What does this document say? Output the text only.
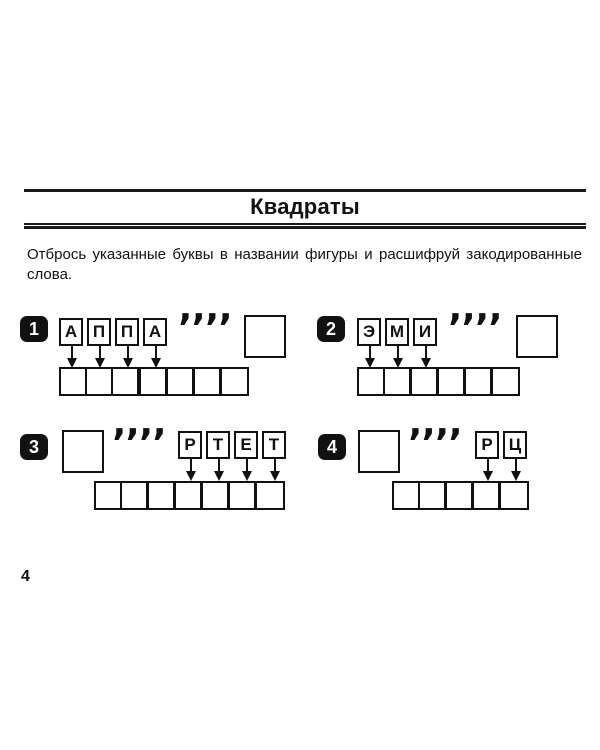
Квадраты
Отбрось указанные буквы в названии фигуры и расшифруй закодированные слова.
1	А П П А ’’’’	2	Э М И ’’’’
3 ’’’’	Р	Т	Е	Т	4 ’’’’	Р Ц
4
